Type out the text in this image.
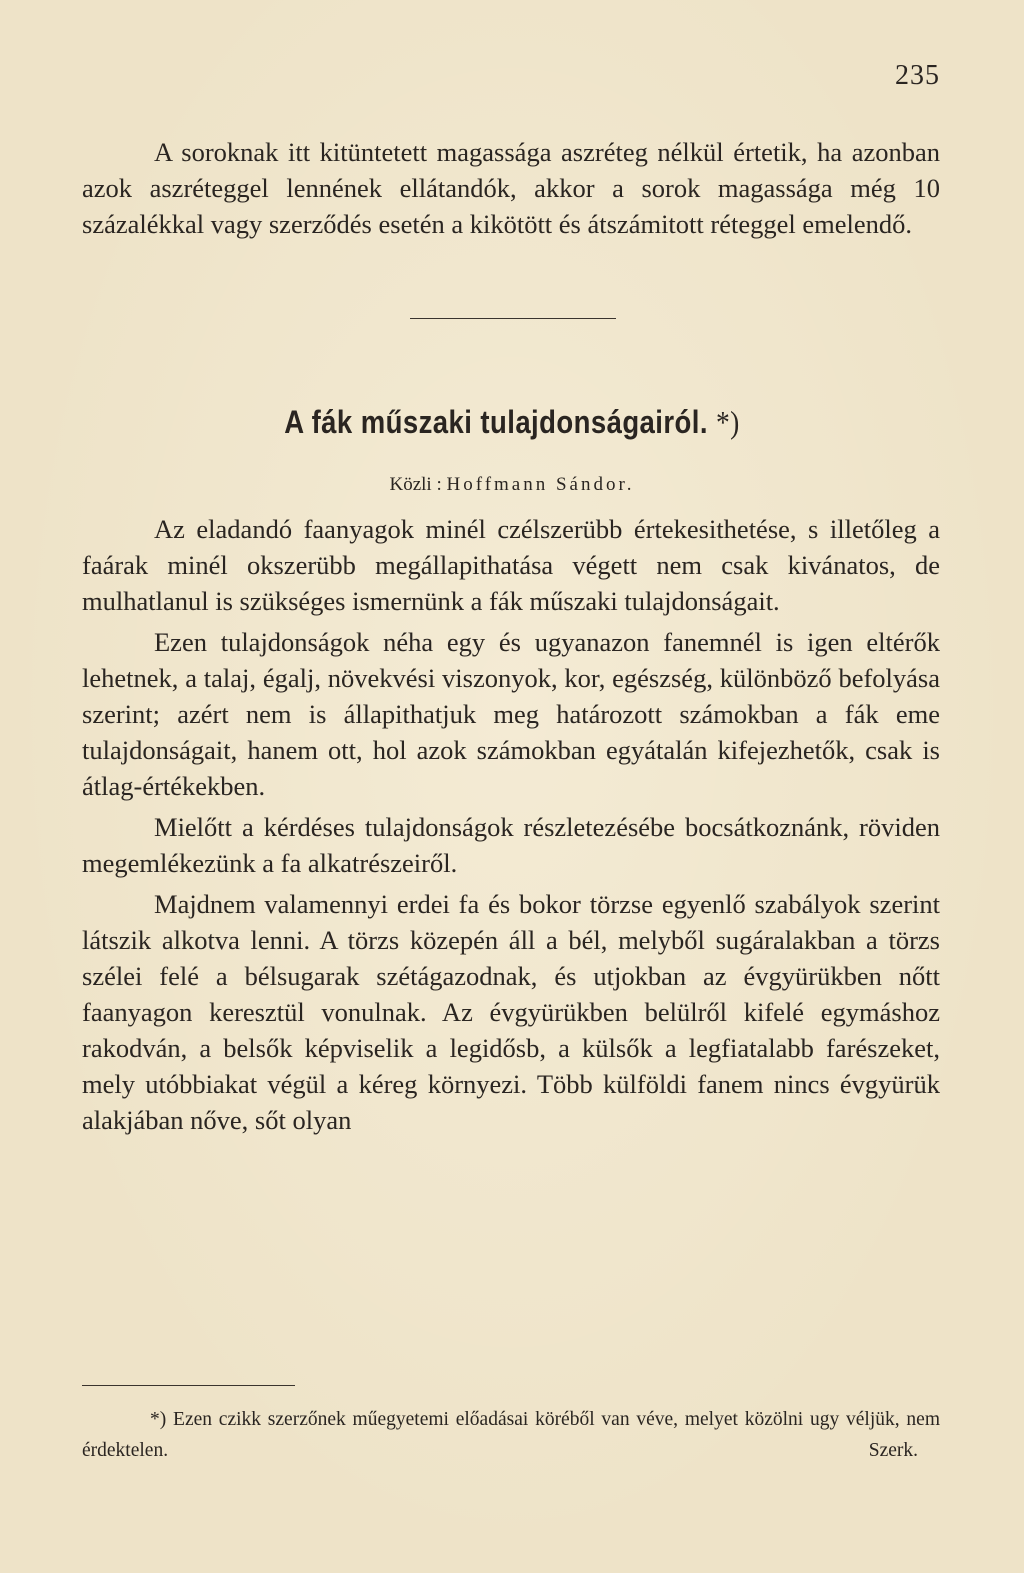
235

A soroknak itt kitüntetett magassága aszréteg nélkül értetik, ha azonban azok aszréteggel lennének ellátandók, akkor a sorok magassága még 10 százalékkal vagy szerződés esetén a kikötött és átszámitott réteggel emelendő.

A fák műszaki tulajdonságairól. *)
Közli : Hoffmann Sándor.

Az eladandó faanyagok minél czélszerübb értekesithetése, s illetőleg a faárak minél okszerübb megállapithatása végett nem csak kivánatos, de mulhatlanul is szükséges ismernünk a fák műszaki tulajdonságait.

Ezen tulajdonságok néha egy és ugyanazon fanemnél is igen eltérők lehetnek, a talaj, égalj, növekvési viszonyok, kor, egészség, különböző befolyása szerint; azért nem is állapithatjuk meg határozott számokban a fák eme tulajdonságait, hanem ott, hol azok számokban egyátalán kifejezhetők, csak is átlag-értékekben.

Mielőtt a kérdéses tulajdonságok részletezésébe bocsátkoznánk, röviden megemlékezünk a fa alkatrészeiről.

Majdnem valamennyi erdei fa és bokor törzse egyenlő szabályok szerint látszik alkotva lenni. A törzs közepén áll a bél, melyből sugáralakban a törzs szélei felé a bélsugarak szétágazodnak, és utjokban az évgyürükben nőtt faanyagon keresztül vonulnak. Az évgyürükben belülről kifelé egymáshoz rakodván, a belsők képviselik a legidősb, a külsők a legfiatalabb farészeket, mely utóbbiakat végül a kéreg környezi. Több külföldi fanem nincs évgyürük alakjában nőve, sőt olyan

*) Ezen czikk szerzőnek műegyetemi előadásai köréből van véve, melyet közölni ugy véljük, nem érdektelen.	Szerk.
